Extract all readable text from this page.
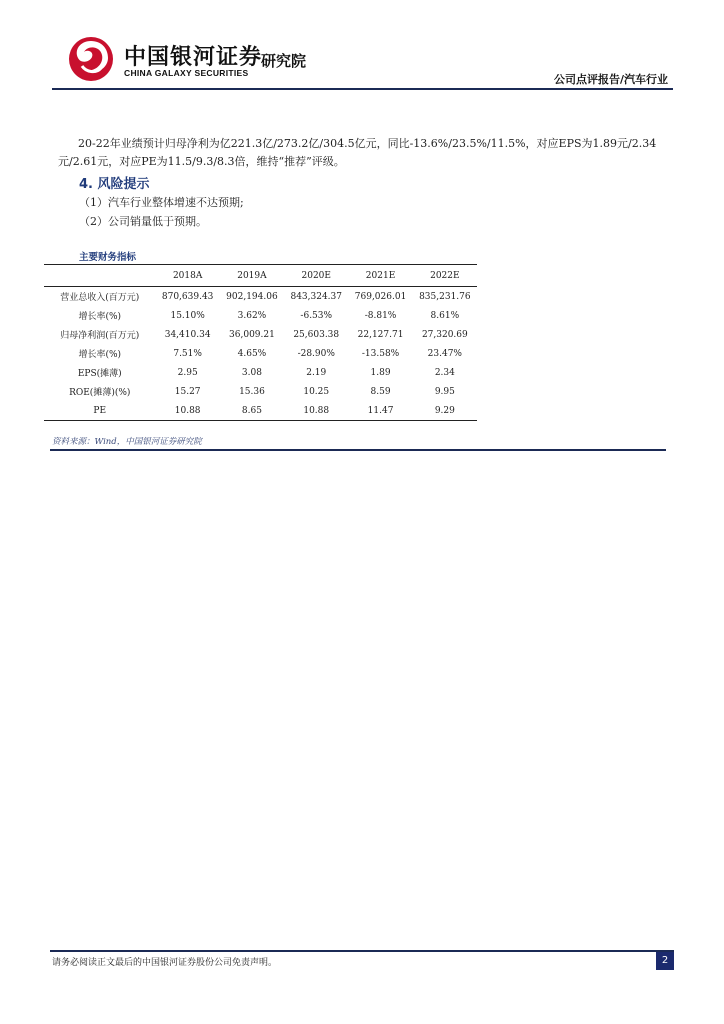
中国银河证券
研究院
CHINA GALAXY SECURITIES	公司点评报告/汽车行业
20-22年业绩预计归母净利为亿221.3亿/273.2亿/304.5亿元，同比-13.6%/23.5%/11.5%，对应EPS为1.89元/2.34元/2.61元，对应PE为11.5/9.3/8.3倍，维持“推荐”评级。
4. 风险提示
（1）汽车行业整体增速不达预期;
（2）公司销量低于预期。
主要财务指标
	2018A	2019A	2020E	2021E	2022E
营业总收入(百万元)	870,639.43	902,194.06	843,324.37	769,026.01	835,231.76
增长率(%)	15.10%	3.62%	-6.53%	-8.81%	8.61%
归母净利润(百万元)	34,410.34	36,009.21	25,603.38	22,127.71	27,320.69
增长率(%)	7.51%	4.65%	-28.90%	-13.58%	23.47%
EPS(摊薄)	2.95	3.08	2.19	1.89	2.34
ROE(摊薄)(%)	15.27	15.36	10.25	8.59	9.95
PE	10.88	8.65	10.88	11.47	9.29
资料来源：Wind，中国银河证券研究院
请务必阅读正文最后的中国银河证券股份公司免责声明。	2
